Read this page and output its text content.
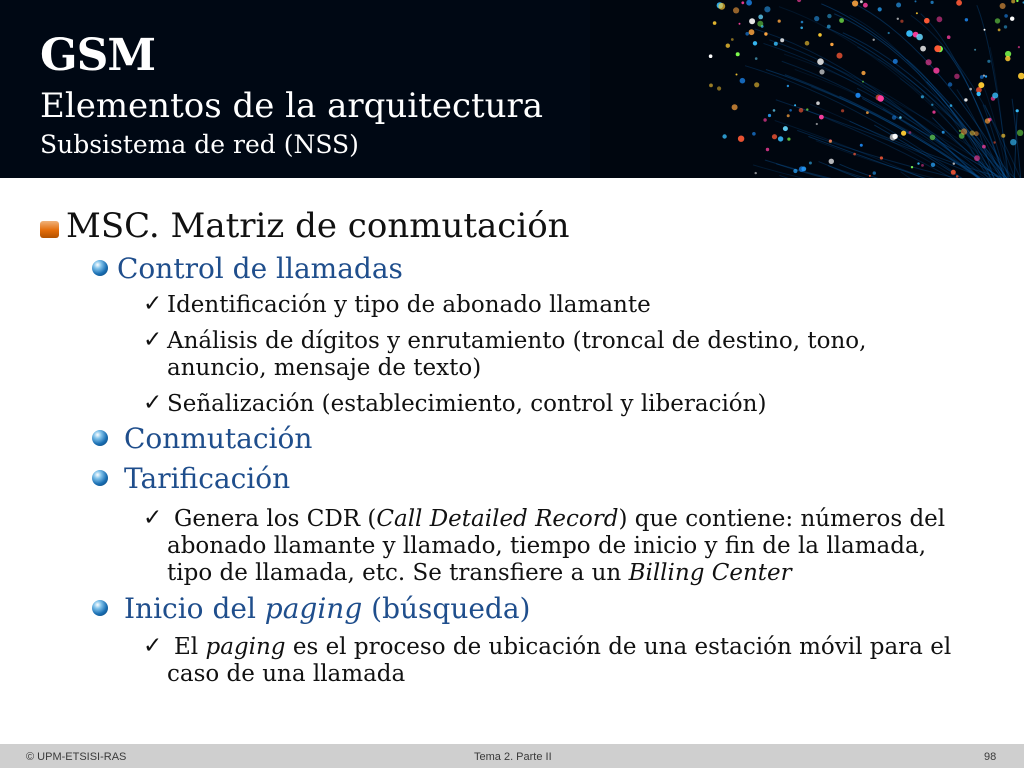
GSM
Elementos de la arquitectura
Subsistema de red (NSS)
MSC. Matriz de conmutación
Control de llamadas
✓ Identificación y tipo de abonado llamante
✓ Análisis de dígitos y enrutamiento (troncal de destino, tono, anuncio, mensaje de texto)
✓ Señalización (establecimiento, control y liberación)
Conmutación
Tarificación
✓ Genera los CDR (Call Detailed Record) que contiene: números del abonado llamante y llamado, tiempo de inicio y fin de la llamada, tipo de llamada, etc. Se transfiere a un Billing Center
Inicio del paging (búsqueda)
✓ El paging es el proceso de ubicación de una estación móvil para el caso de una llamada
© UPM-ETSISI-RAS	Tema 2. Parte II	98
